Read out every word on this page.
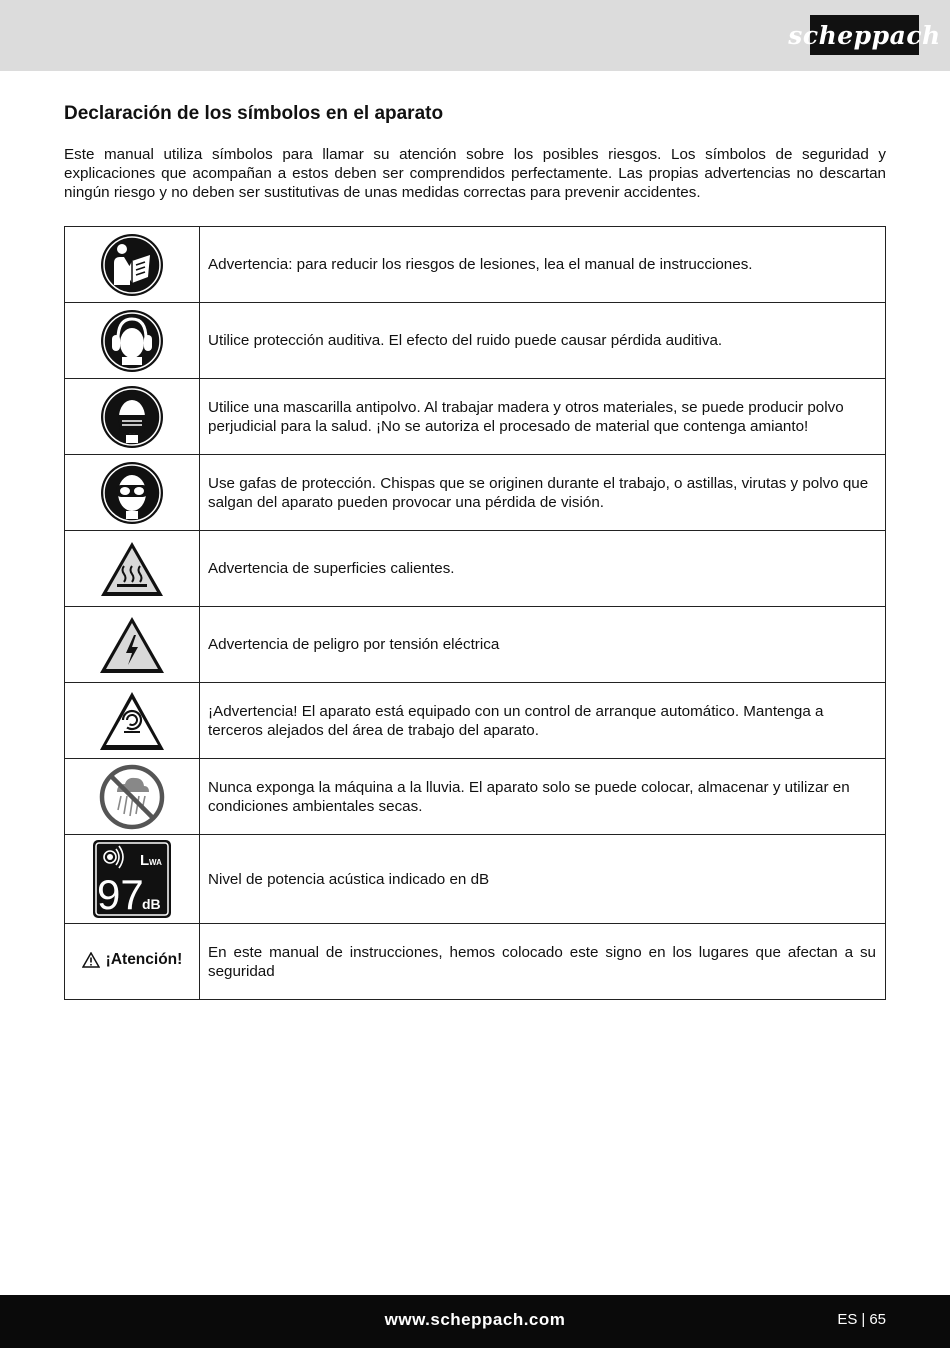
scheppach
Declaración de los símbolos en el aparato

Este manual utiliza símbolos para llamar su atención sobre los posibles riesgos. Los símbolos de seguridad y explicaciones que acompañan a estos deben ser comprendidos perfectamente. Las propias advertencias no descartan ningún riesgo y no deben ser sustitutivas de unas medidas correctas para prevenir accidentes.

	Advertencia: para reducir los riesgos de lesiones, lea el manual de instrucciones.

	Utilice protección auditiva. El efecto del ruido puede causar pérdida auditiva.

	Utilice una mascarilla antipolvo. Al trabajar madera y otros materiales, se puede producir polvo perjudicial para la salud. ¡No se autoriza el procesado de material que contenga amianto!

	Use gafas de protección. Chispas que se originen durante el trabajo, o astillas, virutas y polvo que salgan del aparato pueden provocar una pérdida de visión.

	Advertencia de superficies calientes.

	Advertencia de peligro por tensión eléctrica

	¡Advertencia! El aparato está equipado con un control de arranque automático. Mantenga a terceros alejados del área de trabajo del aparato.

	Nunca exponga la máquina a la lluvia. El aparato solo se puede colocar, almacenar y utilizar en condiciones ambientales secas.

L WA
97
dB	Nivel de potencia acústica indicado en dB

¡Atención!	En este manual de instrucciones, hemos colocado este signo en los lugares que afectan a su seguridad
www.scheppach.com	ES | 65
